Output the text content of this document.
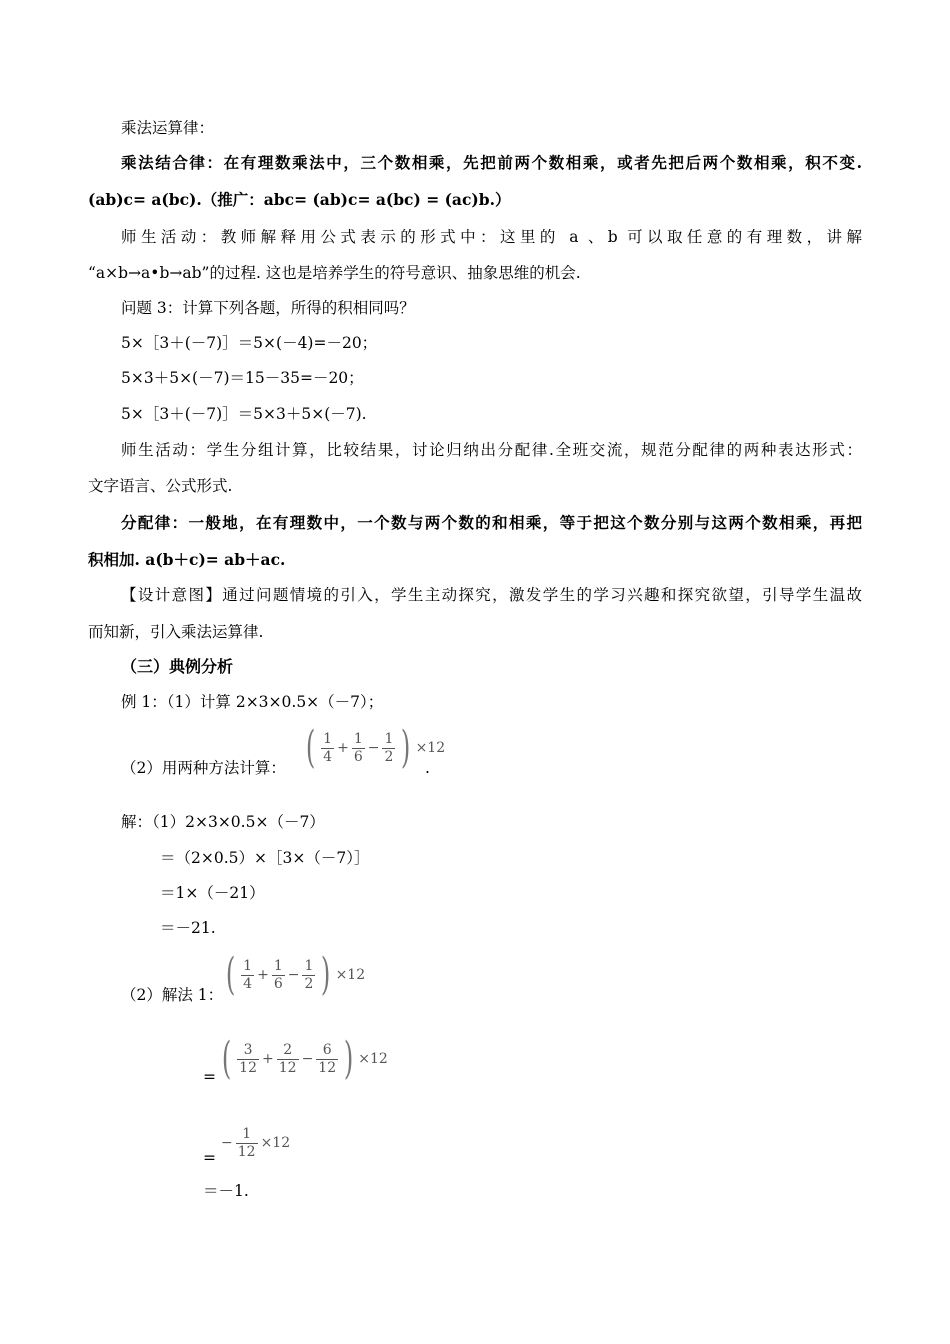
乘法运算律：
乘法结合律：在有理数乘法中，三个数相乘，先把前两个数相乘，或者先把后两个数相乘，积不变.
(ab)c= a(bc).（推广：abc= (ab)c= a(bc) = (ac)b.）
师生活动：教师解释用公式表示的形式中：这里的 a 、b 可以取任意的有理数，讲解
“a×b→a•b→ab”的过程. 这也是培养学生的符号意识、抽象思维的机会.
问题 3：计算下列各题，所得的积相同吗？
5×［3＋(－7)］＝5×(－4)=－20；
5×3＋5×(－7)＝15－35=－20；
5×［3＋(－7)］＝5×3＋5×(－7).
师生活动：学生分组计算，比较结果，讨论归纳出分配律.全班交流，规范分配律的两种表达形式：
文字语言、公式形式.
分配律：一般地，在有理数中，一个数与两个数的和相乘，等于把这个数分别与这两个数相乘，再把
积相加. a(b＋c)= ab＋ac.
【设计意图】通过问题情境的引入，学生主动探究，激发学生的学习兴趣和探究欲望，引导学生温故
而知新，引入乘法运算律.
（三）典例分析
例 1：（1）计算 2×3×0.5×（－7）；
（2）用两种方法计算： ( $\frac{1}{4} + \frac{1}{6} - \frac{1}{2}$ ) ×12
.
解：（1）2×3×0.5×（－7）
＝（2×0.5）×［3×（－7）］
＝1×（－21）
＝－21.
（2）解法 1： ( $\frac{1}{4} + \frac{1}{6} - \frac{1}{2}$ ) ×12
= ( $\frac{3}{12} + \frac{2}{12} - \frac{6}{12}$ ) ×12
=
− $\frac{1}{12} \times 12$
＝－1.
